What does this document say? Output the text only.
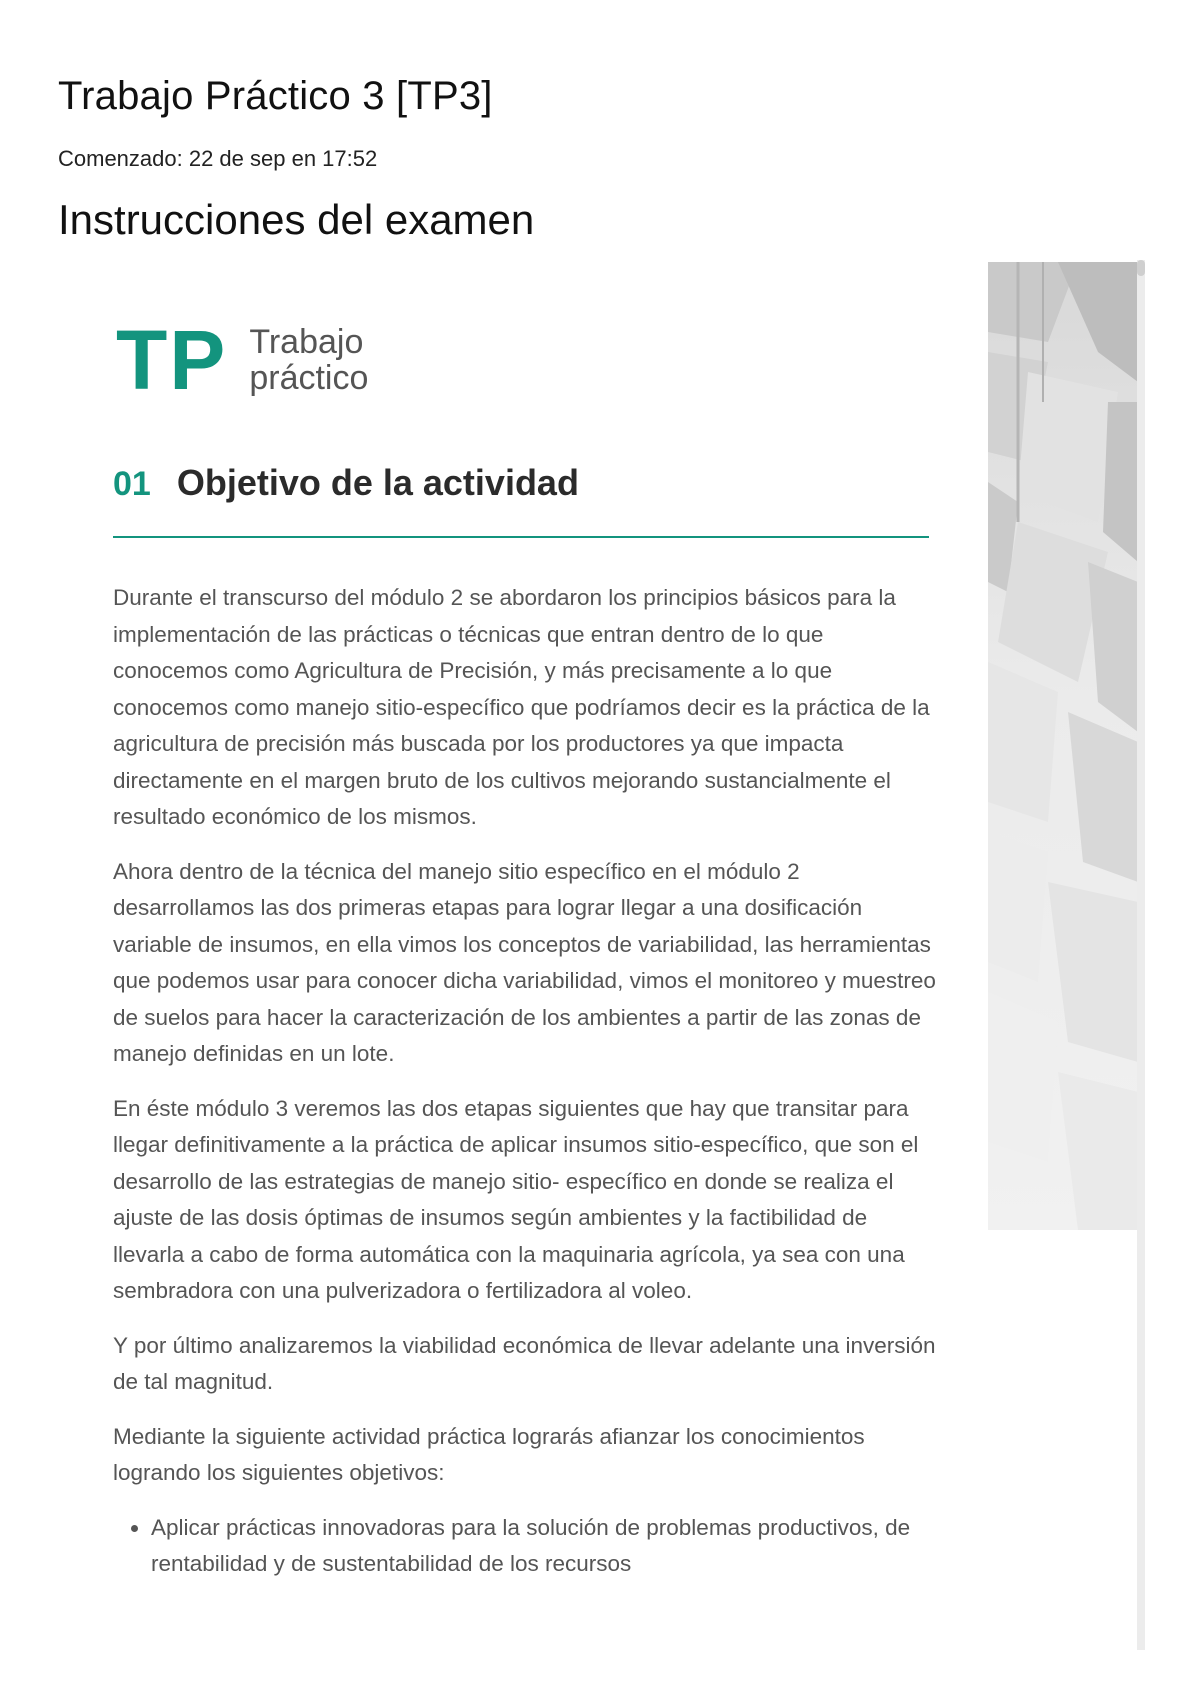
Trabajo Práctico 3 [TP3]
Comenzado: 22 de sep en 17:52
Instrucciones del examen
TP Trabajo
práctico
01 Objetivo de la actividad

Durante el transcurso del módulo 2 se abordaron los principios básicos para la implementación de las prácticas o técnicas que entran dentro de lo que conocemos como Agricultura de Precisión, y más precisamente a lo que conocemos como manejo sitio-específico que podríamos decir es la práctica de la agricultura de precisión más buscada por los productores ya que impacta directamente en el margen bruto de los cultivos mejorando sustancialmente el resultado económico de los mismos.

Ahora dentro de la técnica del manejo sitio específico en el módulo 2 desarrollamos las dos primeras etapas para lograr llegar a una dosificación variable de insumos, en ella vimos los conceptos de variabilidad, las herramientas que podemos usar para conocer dicha variabilidad, vimos el monitoreo y muestreo de suelos para hacer la caracterización de los ambientes a partir de las zonas de manejo definidas en un lote.

En éste módulo 3 veremos las dos etapas siguientes que hay que transitar para llegar definitivamente a la práctica de aplicar insumos sitio-específico, que son el desarrollo de las estrategias de manejo sitio- específico en donde se realiza el ajuste de las dosis óptimas de insumos según ambientes y la factibilidad de llevarla a cabo de forma automática con la maquinaria agrícola, ya sea con una sembradora con una pulverizadora o fertilizadora al voleo.

Y por último analizaremos la viabilidad económica de llevar adelante una inversión de tal magnitud.

Mediante la siguiente actividad práctica lograrás afianzar los conocimientos logrando los siguientes objetivos:

• Aplicar prácticas innovadoras para la solución de problemas productivos, de rentabilidad y de sustentabilidad de los recursos
